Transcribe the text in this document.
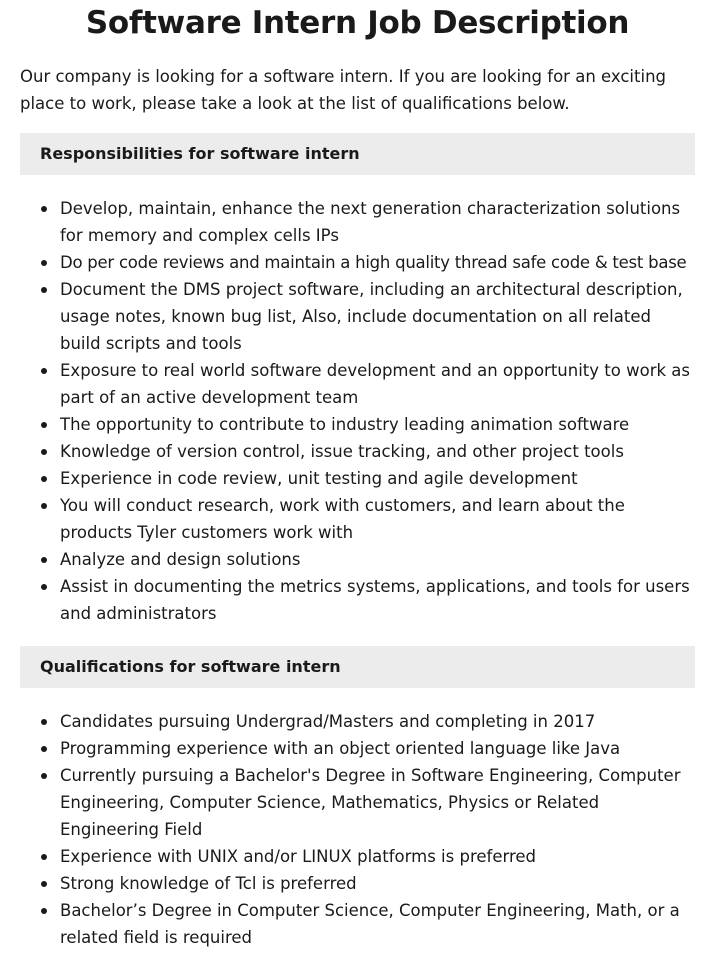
Software Intern Job Description

Our company is looking for a software intern. If you are looking for an exciting place to work, please take a look at the list of qualifications below.

Responsibilities for software intern
Develop, maintain, enhance the next generation characterization solutions for memory and complex cells IPs
Do per code reviews and maintain a high quality thread safe code & test base
Document the DMS project software, including an architectural description, usage notes, known bug list, Also, include documentation on all related build scripts and tools
Exposure to real world software development and an opportunity to work as part of an active development team
The opportunity to contribute to industry leading animation software
Knowledge of version control, issue tracking, and other project tools
Experience in code review, unit testing and agile development
You will conduct research, work with customers, and learn about the products Tyler customers work with
Analyze and design solutions
Assist in documenting the metrics systems, applications, and tools for users and administrators
Qualifications for software intern
Candidates pursuing Undergrad/Masters and completing in 2017
Programming experience with an object oriented language like Java
Currently pursuing a Bachelor's Degree in Software Engineering, Computer Engineering, Computer Science, Mathematics, Physics or Related Engineering Field
Experience with UNIX and/or LINUX platforms is preferred
Strong knowledge of Tcl is preferred
Bachelor’s Degree in Computer Science, Computer Engineering, Math, or a related field is required
